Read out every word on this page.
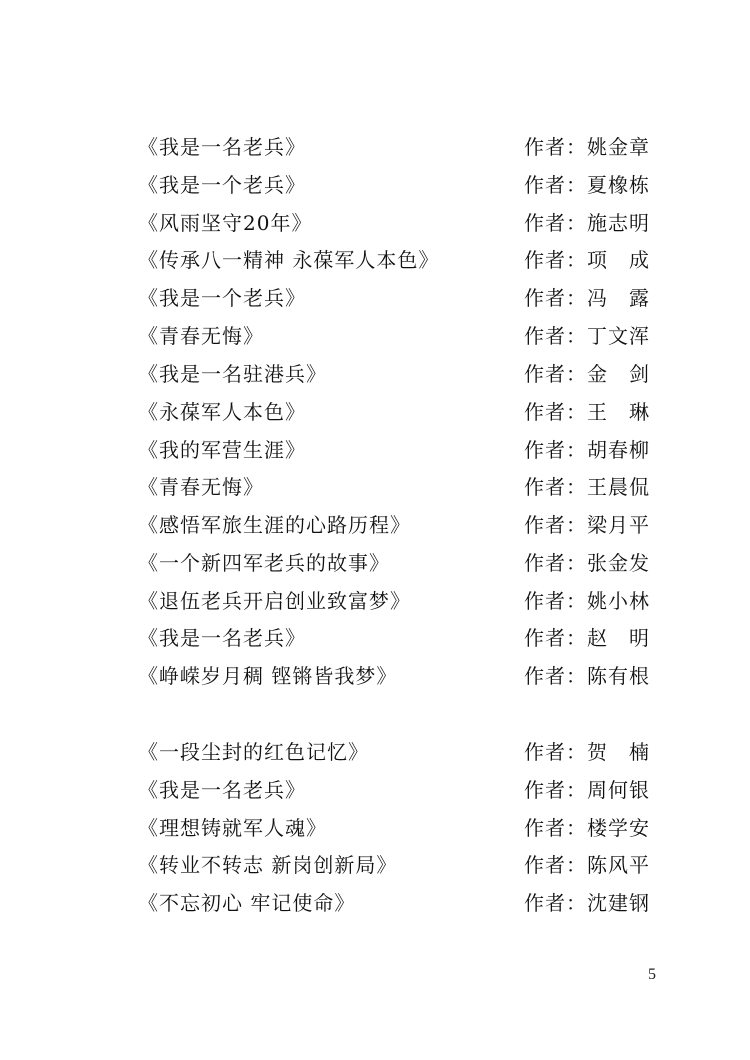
《我是一名老兵》	作者：姚金章
《我是一个老兵》	作者：夏橡栋
《风雨坚守20年》	作者：施志明
《传承八一精神 永葆军人本色》	作者：项　成
《我是一个老兵》	作者：冯　露
《青春无悔》	作者：丁文浑
《我是一名驻港兵》	作者：金　剑
《永葆军人本色》	作者：王　琳
《我的军营生涯》	作者：胡春柳
《青春无悔》	作者：王晨侃
《感悟军旅生涯的心路历程》	作者：梁月平
《一个新四军老兵的故事》	作者：张金发
《退伍老兵开启创业致富梦》	作者：姚小林
《我是一名老兵》	作者：赵　明
《峥嵘岁月稠 铿锵皆我梦》	作者：陈有根
《一段尘封的红色记忆》	作者：贺　楠
《我是一名老兵》	作者：周何银
《理想铸就军人魂》	作者：楼学安
《转业不转志 新岗创新局》	作者：陈风平
《不忘初心 牢记使命》	作者：沈建钢
5
